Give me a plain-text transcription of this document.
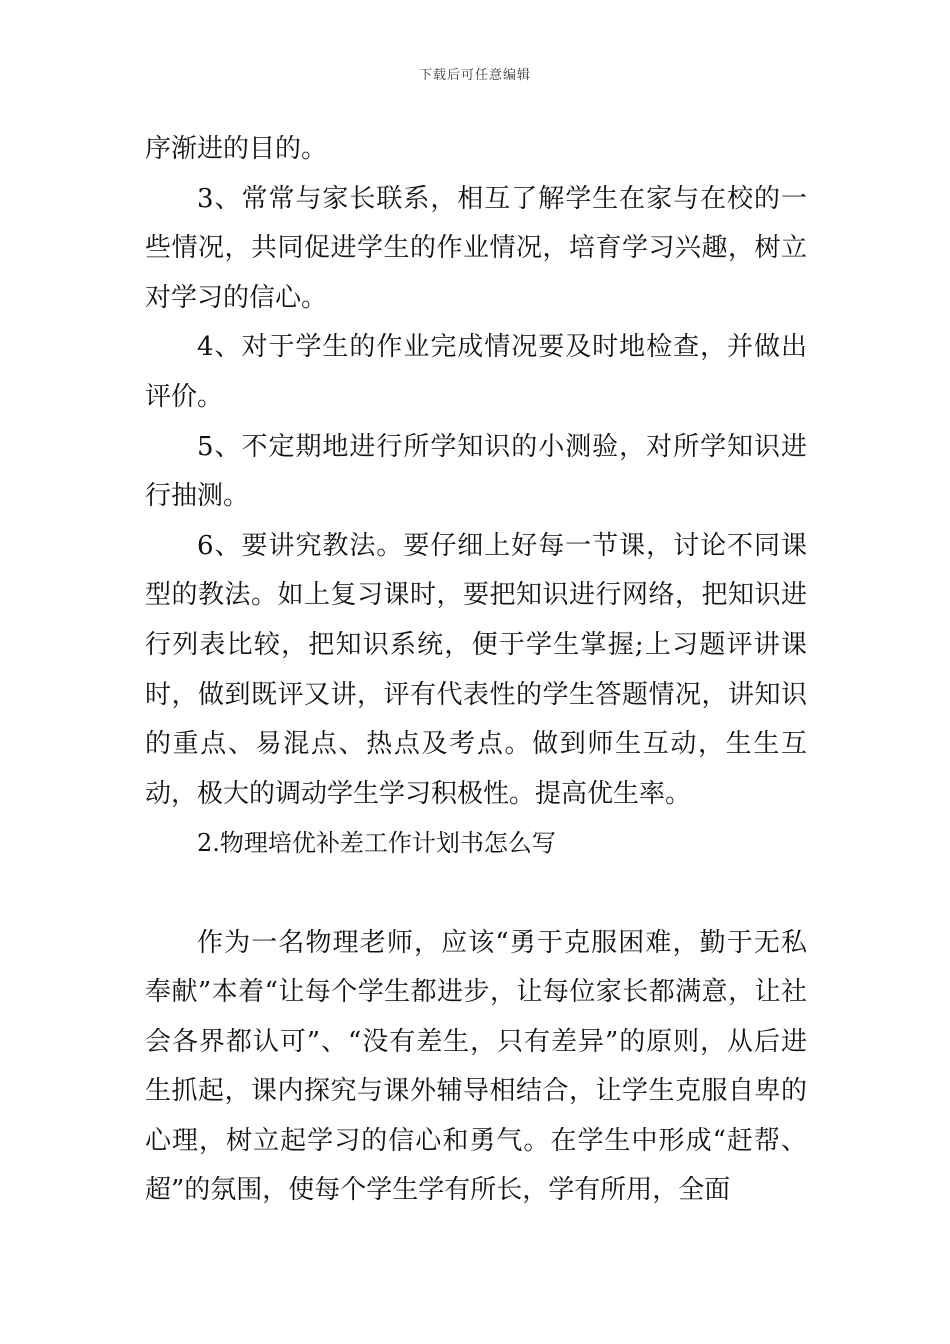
下载后可任意编辑

序渐进的目的。

3、常常与家长联系，相互了解学生在家与在校的一些情况，共同促进学生的作业情况，培育学习兴趣，树立对学习的信心。

4、对于学生的作业完成情况要及时地检查，并做出评价。

5、不定期地进行所学知识的小测验，对所学知识进行抽测。

6、要讲究教法。要仔细上好每一节课，讨论不同课型的教法。如上复习课时，要把知识进行网络，把知识进行列表比较，把知识系统，便于学生掌握;上习题评讲课时，做到既评又讲，评有代表性的学生答题情况，讲知识的重点、易混点、热点及考点。做到师生互动，生生互动，极大的调动学生学习积极性。提高优生率。

2.物理培优补差工作计划书怎么写

作为一名物理老师，应该“勇于克服困难，勤于无私奉献”本着“让每个学生都进步，让每位家长都满意，让社会各界都认可”、“没有差生，只有差异”的原则，从后进生抓起，课内探究与课外辅导相结合，让学生克服自卑的心理，树立起学习的信心和勇气。在学生中形成“赶帮、超”的氛围，使每个学生学有所长，学有所用，全面
